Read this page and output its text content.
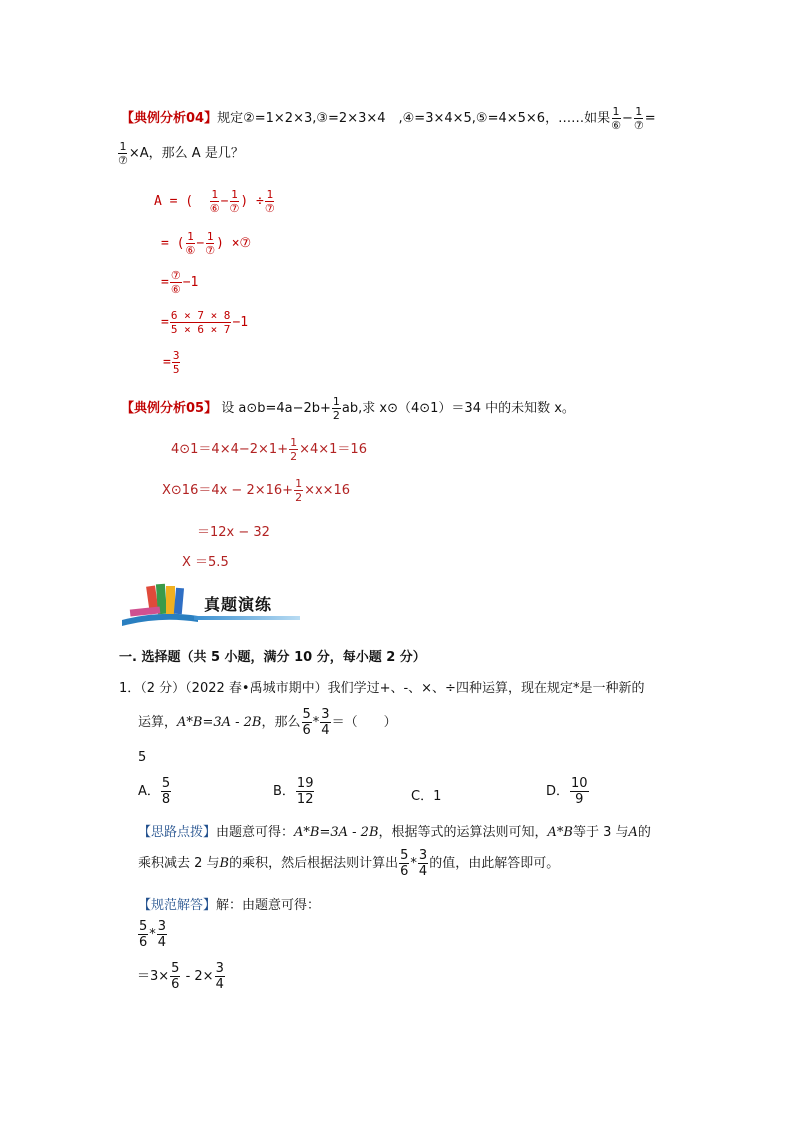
【典例分析04】规定②=1×2×3,③=2×3×4　,④=3×4×5,⑤=4×5×6，……如果 $\frac{1}{\text{⑥}} - \frac{1}{\text{⑦}}$ =
$\frac{1}{\text{⑦}} \times A$，那么 A 是几？
A = ( $\frac{1}{\text{⑥}} - \frac{1}{\text{⑦}}$ ) ÷ $\frac{1}{\text{⑦}}$
= ( $\frac{1}{\text{⑥}} - \frac{1}{\text{⑦}}$ ) ×⑦
= $\frac{\text{⑦}}{\text{⑥}} -1$
= $\frac{6 \times 7 \times 8}{5 \times 6 \times 7} -1$
= $\frac{3}{5}$
【典例分析05】 设 a⊙b=4a−2b+ $\frac{1}{2}$ ab,求 x⊙（4⊙1）＝34 中的未知数 x。
4⊙1＝4×4−2×1+ $\frac{1}{2} \times 4\times 1=16$
X⊙16＝4x − $2\times 16+ \frac{1}{2} \times x\times 16$
＝12x − 32
X ＝5.5
真题演练
一. 选择题（共 5 小题，满分 10 分，每小题 2 分）
1．（2 分）（2022 春•禹城市期中）我们学过+、-、×、÷四种运算，现在规定*是一种新的
运算，A*B=3A - 2B，那么 $\frac{5}{6} * \frac{3}{4}$ ＝（　　）
5
A． $\frac{5}{8}$	B． $\frac{19}{12}$	C．1	D． $\frac{10}{9}$
【思路点拨】由题意可得：A*B=3A - 2B，根据等式的运算法则可知，A*B等于 3 与A的
乘积减去 2 与B的乘积，然后根据法则计算出 $\frac{5}{6} * \frac{3}{4}$ 的值，由此解答即可。
【规范解答】解：由题意可得：
$\frac{5}{6} * \frac{3}{4}$
$=3\times \frac{5}{6} - 2\times \frac{3}{4}$
